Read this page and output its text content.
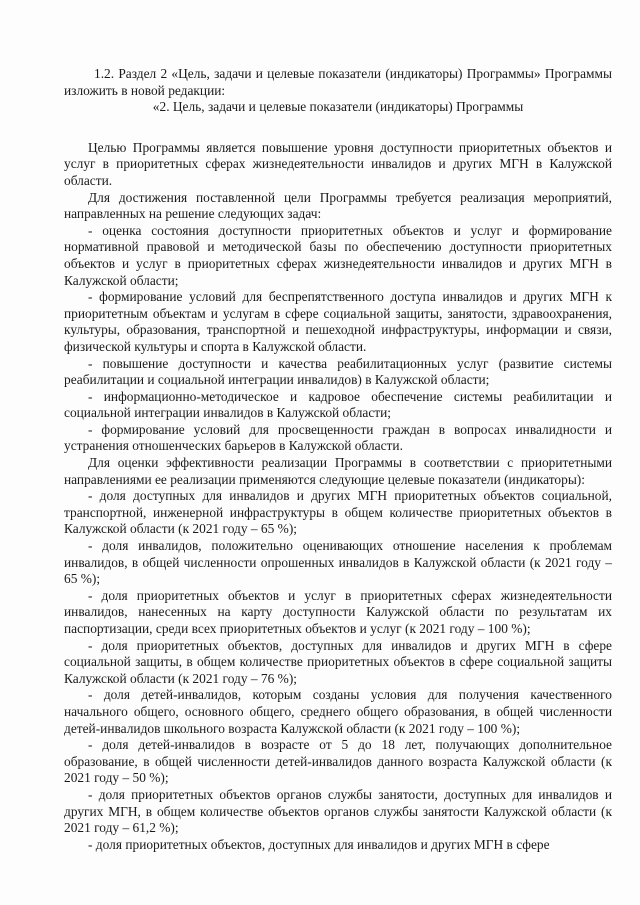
1.2. Раздел 2 «Цель, задачи и целевые показатели (индикаторы) Программы» Программы изложить в новой редакции:

«2. Цель, задачи и целевые показатели (индикаторы) Программы

Целью Программы является повышение уровня доступности приоритетных объектов и услуг в приоритетных сферах жизнедеятельности инвалидов и других МГН в Калужской области.

Для достижения поставленной цели Программы требуется реализация мероприятий, направленных на решение следующих задач:

- оценка состояния доступности приоритетных объектов и услуг и формирование нормативной правовой и методической базы по обеспечению доступности приоритетных объектов и услуг в приоритетных сферах жизнедеятельности инвалидов и других МГН в Калужской области;

- формирование условий для беспрепятственного доступа инвалидов и других МГН к приоритетным объектам и услугам в сфере социальной защиты, занятости, здравоохранения, культуры, образования, транспортной и пешеходной инфраструктуры, информации и связи, физической культуры и спорта в Калужской области.

- повышение доступности и качества реабилитационных услуг (развитие системы реабилитации и социальной интеграции инвалидов) в Калужской области;

- информационно-методическое и кадровое обеспечение системы реабилитации и социальной интеграции инвалидов в Калужской области;

- формирование условий для просвещенности граждан в вопросах инвалидности и устранения отношенческих барьеров в Калужской области.

Для оценки эффективности реализации Программы в соответствии с приоритетными направлениями ее реализации применяются следующие целевые показатели (индикаторы):

- доля доступных для инвалидов и других МГН приоритетных объектов социальной, транспортной, инженерной инфраструктуры в общем количестве приоритетных объектов в Калужской области (к 2021 году – 65 %);

- доля инвалидов, положительно оценивающих отношение населения к проблемам инвалидов, в общей численности опрошенных инвалидов в Калужской области (к 2021 году – 65 %);

- доля приоритетных объектов и услуг в приоритетных сферах жизнедеятельности инвалидов, нанесенных на карту доступности Калужской области по результатам их паспортизации, среди всех приоритетных объектов и услуг (к 2021 году – 100 %);

- доля приоритетных объектов, доступных для инвалидов и других МГН в сфере социальной защиты, в общем количестве приоритетных объектов в сфере социальной защиты Калужской области (к 2021 году – 76 %);

- доля детей-инвалидов, которым созданы условия для получения качественного начального общего, основного общего, среднего общего образования, в общей численности детей-инвалидов школьного возраста Калужской области (к 2021 году – 100 %);

- доля детей-инвалидов в возрасте от 5 до 18 лет, получающих дополнительное образование, в общей численности детей-инвалидов данного возраста Калужской области (к 2021 году – 50 %);

- доля приоритетных объектов органов службы занятости, доступных для инвалидов и других МГН, в общем количестве объектов органов службы занятости Калужской области (к 2021 году – 61,2 %);

- доля приоритетных объектов, доступных для инвалидов и других МГН в сфере
